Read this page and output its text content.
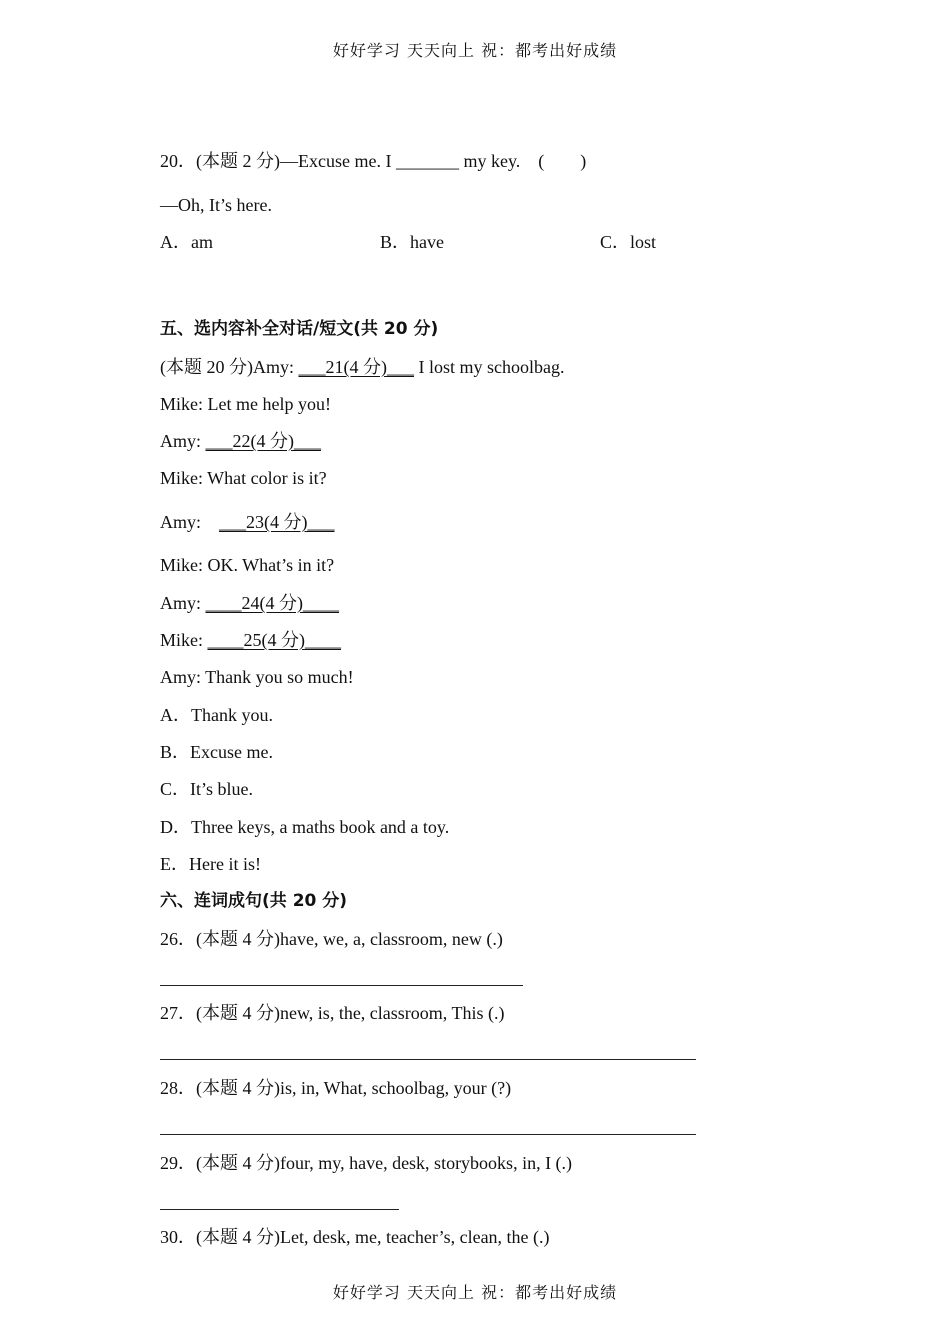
好好学习 天天向上 祝：都考出好成绩
20．(本题 2 分)—Excuse me. I _______ my key.    (        )
—Oh, It’s here.
A．am	B．have	C．lost
五、选内容补全对话/短文(共 20 分)
(本题 20 分)Amy: ___21(4 分)___ I lost my schoolbag.
Mike: Let me help you!
Amy: ___22(4 分)___
Mike: What color is it?
Amy:    ___23(4 分)___
Mike: OK. What’s in it?
Amy: ____24(4 分)____
Mike: ____25(4 分)____
Amy: Thank you so much!
A．Thank you.
B．Excuse me.
C．It’s blue.
D．Three keys, a maths book and a toy.
E．Here it is!
六、连词成句(共 20 分)
26．(本题 4 分)have, we, a, classroom, new (.)
27．(本题 4 分)new, is, the, classroom, This (.)
28．(本题 4 分)is, in, What, schoolbag, your (?)
29．(本题 4 分)four, my, have, desk, storybooks, in, I (.)
30．(本题 4 分)Let, desk, me, teacher’s, clean, the (.)
好好学习 天天向上 祝：都考出好成绩
